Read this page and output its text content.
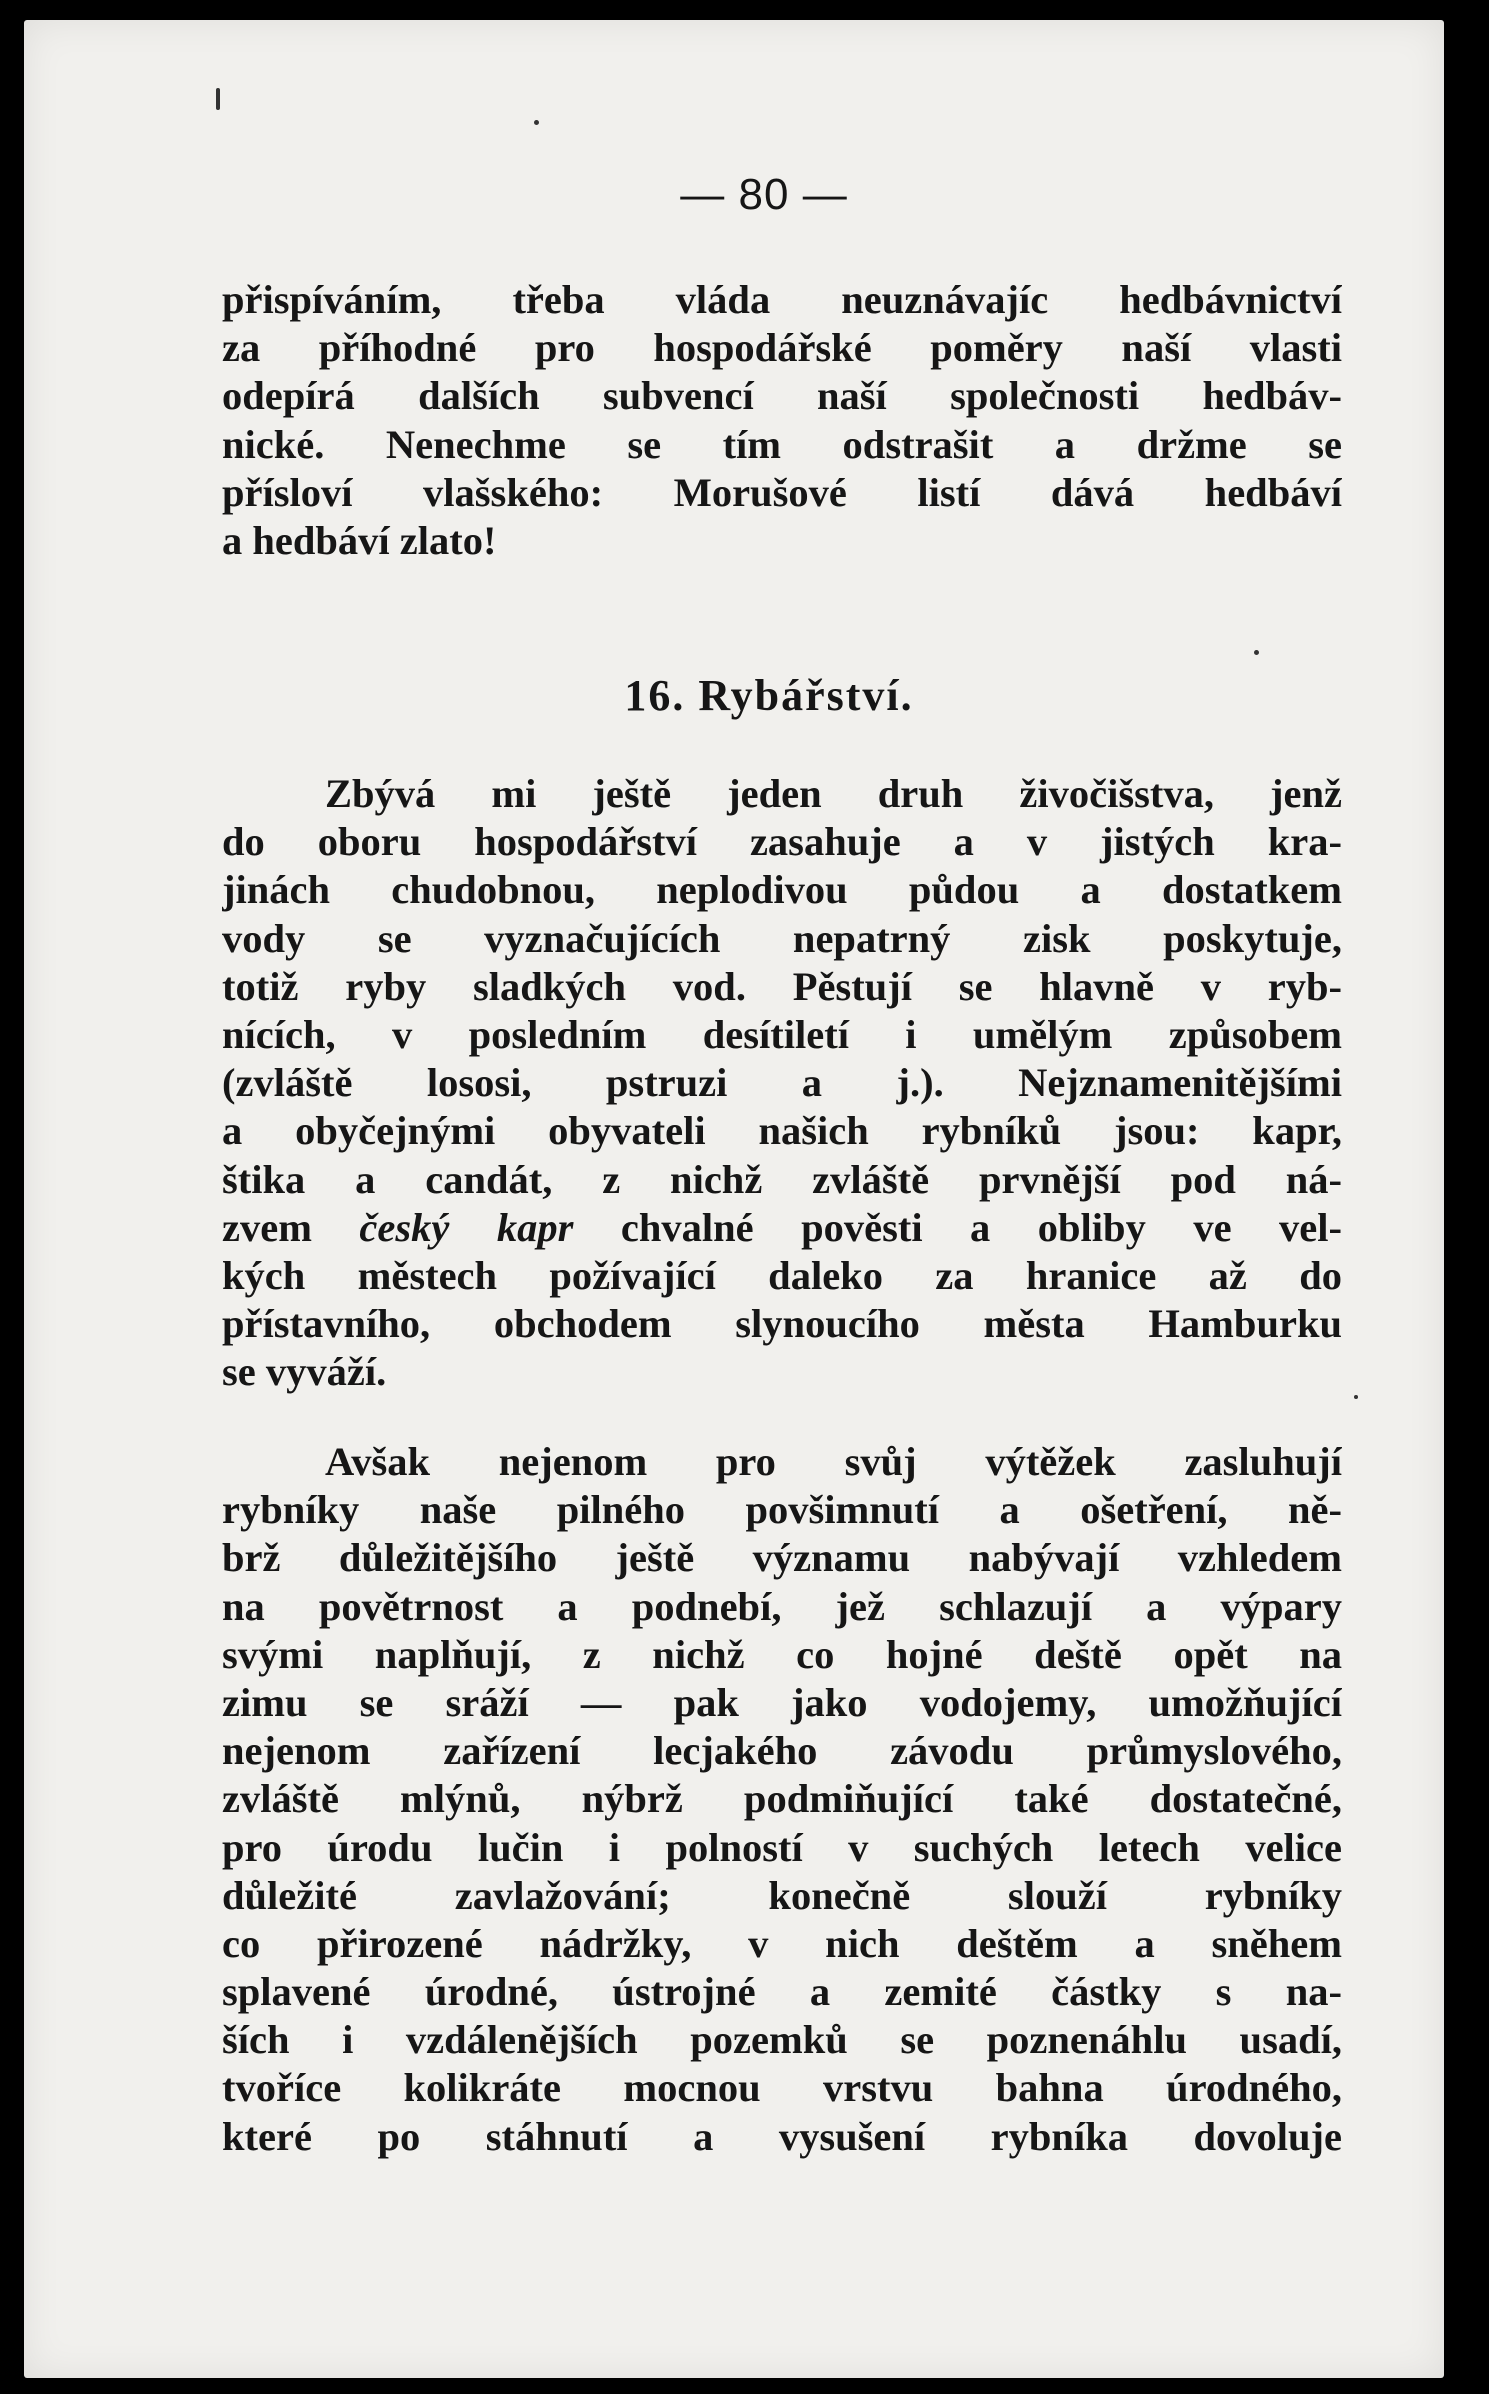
— 80 —
přispíváním, třeba vláda neuznávajíc hedbávnictví
za příhodné pro hospodářské poměry naší vlasti
odepírá dalších subvencí naší společnosti hedbáv-
nické. Nenechme se tím odstrašit a držme se
přísloví vlašského: Morušové listí dává hedbáví
a hedbáví zlato!
16. Rybářství.
Zbývá mi ještě jeden druh živočišstva, jenž
do oboru hospodářství zasahuje a v jistých kra-
jinách chudobnou, neplodivou půdou a dostatkem
vody se vyznačujících nepatrný zisk poskytuje,
totiž ryby sladkých vod. Pěstují se hlavně v ryb-
nících, v posledním desítiletí i umělým způsobem
(zvláště lososi, pstruzi a j.). Nejznamenitějšími
a obyčejnými obyvateli našich rybníků jsou: kapr,
štika a candát, z nichž zvláště prvnější pod ná-
zvem český kapr chvalné pověsti a obliby ve vel-
kých městech požívající daleko za hranice až do
přístavního, obchodem slynoucího města Hamburku
se vyváží.
Avšak nejenom pro svůj výtěžek zasluhují
rybníky naše pilného povšimnutí a ošetření, ně-
brž důležitějšího ještě významu nabývají vzhledem
na povětrnost a podnebí, jež schlazují a výpary
svými naplňují, z nichž co hojné deště opět na
zimu se sráží — pak jako vodojemy, umožňující
nejenom zařízení lecjakého závodu průmyslového,
zvláště mlýnů, nýbrž podmiňující také dostatečné,
pro úrodu lučin i polností v suchých letech velice
důležité zavlažování; konečně slouží rybníky
co přirozené nádržky, v nich deštěm a sněhem
splavené úrodné, ústrojné a zemité částky s na-
ších i vzdálenějších pozemků se poznenáhlu usadí,
tvoříce kolikráte mocnou vrstvu bahna úrodného,
které po stáhnutí a vysušení rybníka dovoluje
